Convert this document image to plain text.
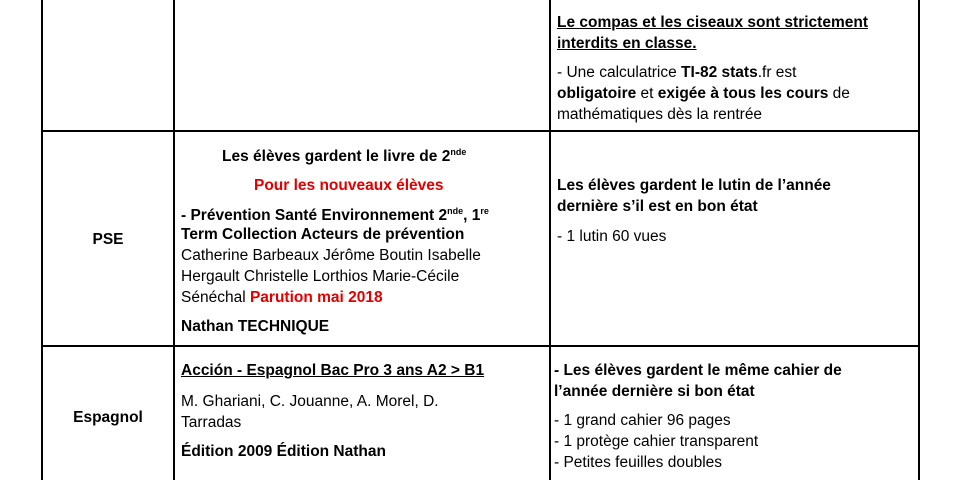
Le compas et les ciseaux sont strictement
interdits en classe.
- Une calculatrice TI-82 stats.fr est
obligatoire et exigée à tous les cours de
mathématiques dès la rentrée
PSE
Les élèves gardent le livre de 2nde
Pour les nouveaux élèves
- Prévention Santé Environnement 2nde, 1re
Term Collection Acteurs de prévention
Catherine Barbeaux Jérôme Boutin Isabelle
Hergault Christelle Lorthios Marie-Cécile
Sénéchal Parution mai 2018
Nathan TECHNIQUE
Les élèves gardent le lutin de l’année
dernière s’il est en bon état
- 1 lutin 60 vues
Espagnol
Acción - Espagnol Bac Pro 3 ans A2 > B1
M. Ghariani, C. Jouanne, A. Morel, D.
Tarradas
Édition 2009 Édition Nathan
- Les élèves gardent le même cahier de
l’année dernière si bon état
- 1 grand cahier 96 pages
- 1 protège cahier transparent
- Petites feuilles doubles
